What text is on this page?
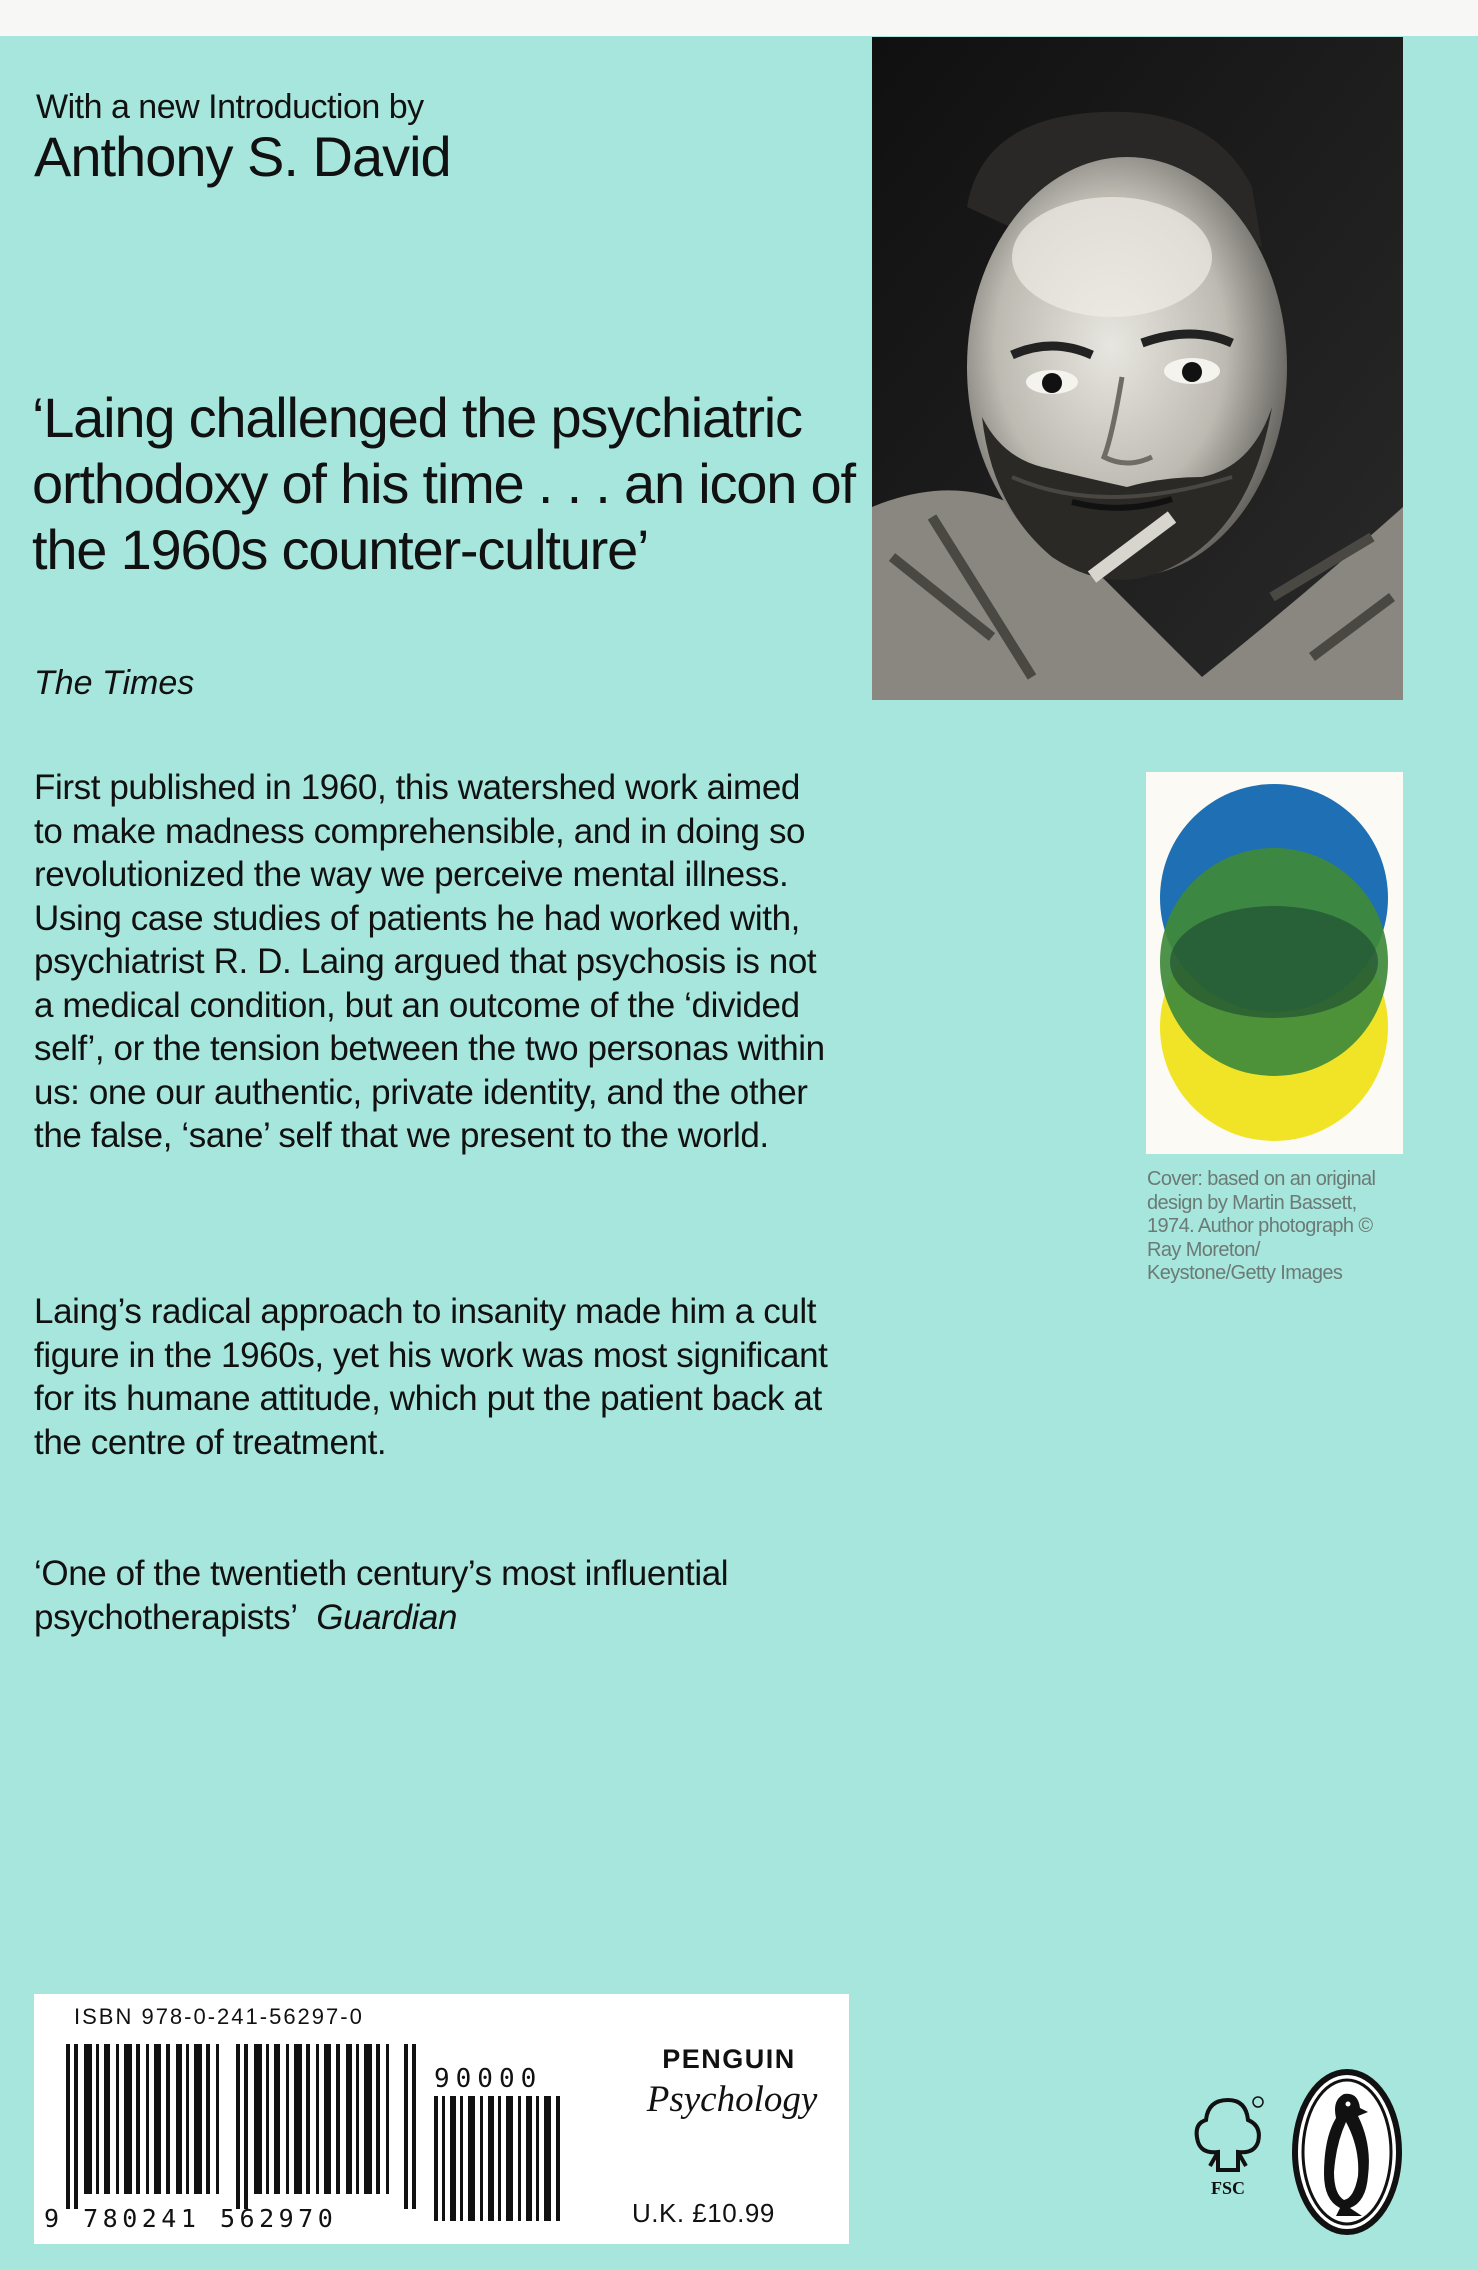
With a new Introduction by
Anthony S. David
‘Laing challenged the psychiatric orthodoxy of his time . . . an icon of the 1960s counter-culture’
The Times
First published in 1960, this watershed work aimed to make madness comprehensible, and in doing so revolutionized the way we perceive mental illness. Using case studies of patients he had worked with, psychiatrist R. D. Laing argued that psychosis is not a medical condition, but an outcome of the ‘divided self’, or the tension between the two personas within us: one our authentic, private identity, and the other the false, ‘sane’ self that we present to the world.
Laing’s radical approach to insanity made him a cult figure in the 1960s, yet his work was most significant for its humane attitude, which put the patient back at the centre of treatment.
‘One of the twentieth century’s most influential psychotherapists’ Guardian
Cover: based on an original design by Martin Bassett, 1974. Author photograph © Ray Moreton/ Keystone/Getty Images
ISBN 978-0-241-56297-0
9 780241 562970
90000
PENGUIN
Psychology
U.K. £10.99
FSC
